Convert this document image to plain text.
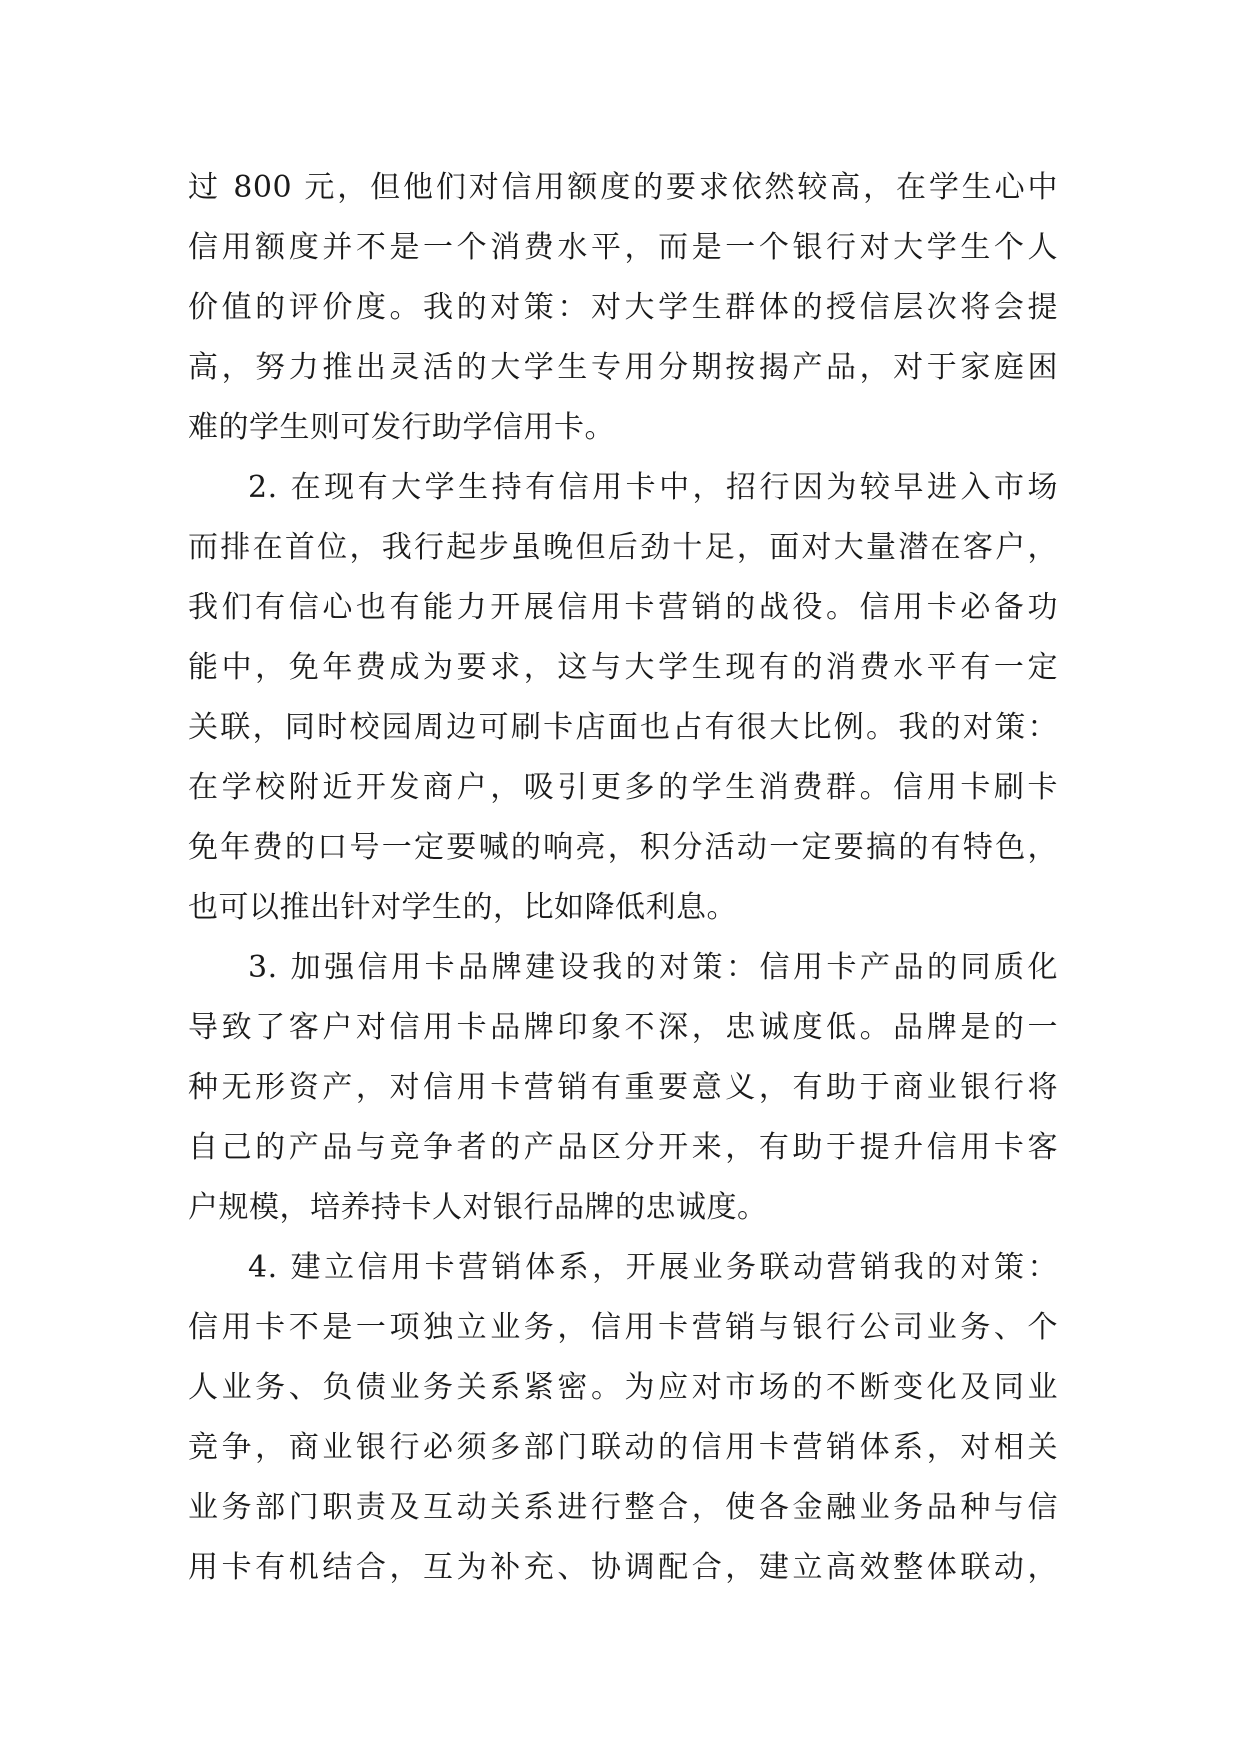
过 800 元，但他们对信用额度的要求依然较高，在学生心中
信用额度并不是一个消费水平，而是一个银行对大学生个人
价值的评价度。我的对策：对大学生群体的授信层次将会提
高，努力推出灵活的大学生专用分期按揭产品，对于家庭困
难的学生则可发行助学信用卡。
2. 在现有大学生持有信用卡中，招行因为较早进入市场
而排在首位，我行起步虽晚但后劲十足，面对大量潜在客户，
我们有信心也有能力开展信用卡营销的战役。信用卡必备功
能中，免年费成为要求，这与大学生现有的消费水平有一定
关联，同时校园周边可刷卡店面也占有很大比例。我的对策：
在学校附近开发商户，吸引更多的学生消费群。信用卡刷卡
免年费的口号一定要喊的响亮，积分活动一定要搞的有特色，
也可以推出针对学生的，比如降低利息。
3. 加强信用卡品牌建设我的对策：信用卡产品的同质化
导致了客户对信用卡品牌印象不深，忠诚度低。品牌是的一
种无形资产，对信用卡营销有重要意义，有助于商业银行将
自己的产品与竞争者的产品区分开来，有助于提升信用卡客
户规模，培养持卡人对银行品牌的忠诚度。
4. 建立信用卡营销体系，开展业务联动营销我的对策：
信用卡不是一项独立业务，信用卡营销与银行公司业务、个
人业务、负债业务关系紧密。为应对市场的不断变化及同业
竞争，商业银行必须多部门联动的信用卡营销体系，对相关
业务部门职责及互动关系进行整合，使各金融业务品种与信
用卡有机结合，互为补充、协调配合，建立高效整体联动，
